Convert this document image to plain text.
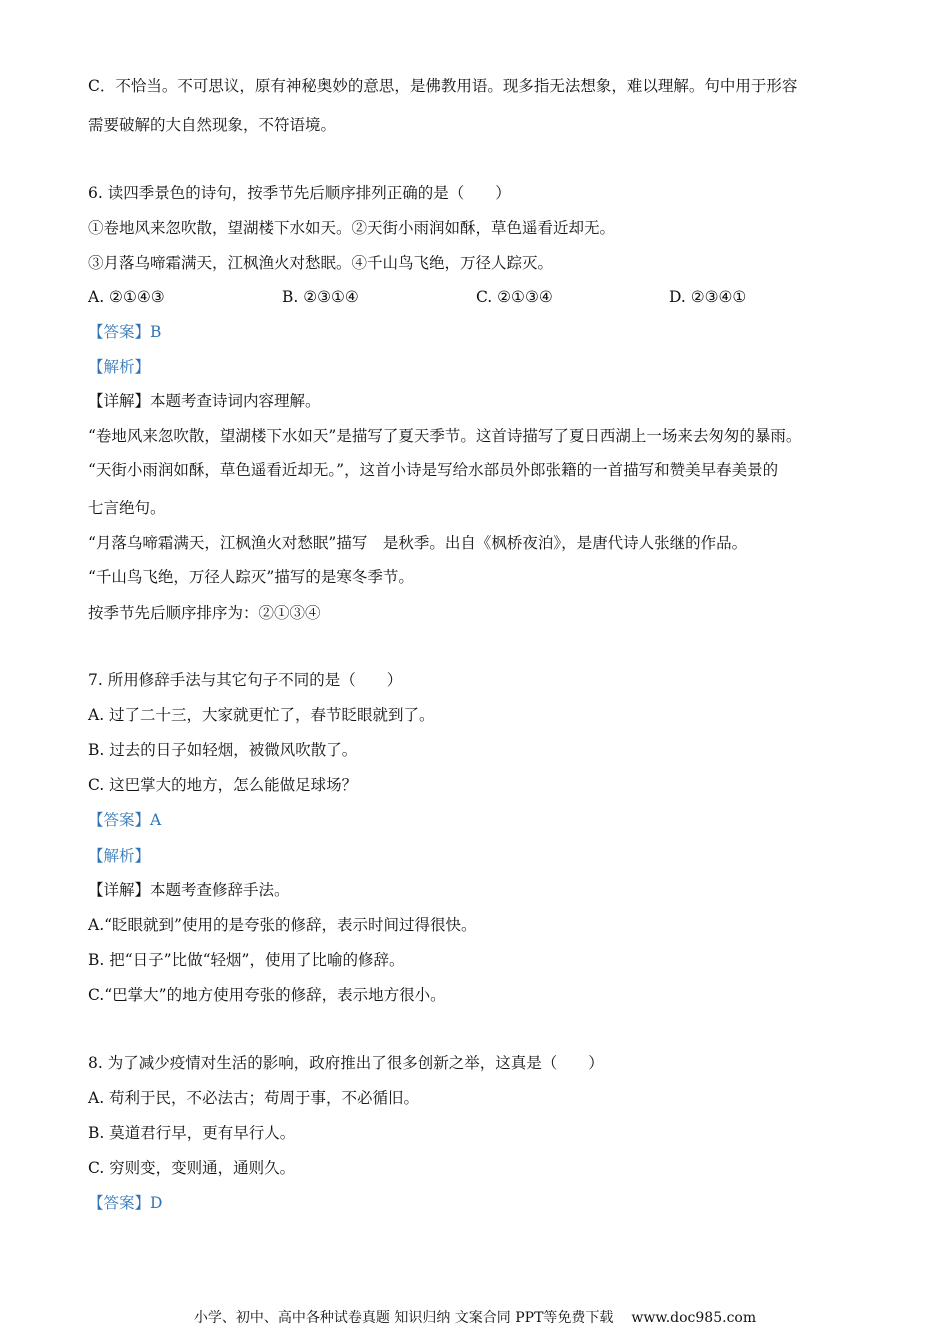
C．不恰当。不可思议，原有神秘奥妙的意思，是佛教用语。现多指无法想象，难以理解。句中用于形容
需要破解的大自然现象，不符语境。
6. 读四季景色的诗句，按季节先后顺序排列正确的是（　　）
①卷地风来忽吹散，望湖楼下水如天。②天街小雨润如酥，草色遥看近却无。
③月落乌啼霜满天，江枫渔火对愁眠。④千山鸟飞绝，万径人踪灭。
A. ②①④③	B. ②③①④	C. ②①③④	D. ②③④①
【答案】B
【解析】
【详解】本题考查诗词内容理解。
“卷地风来忽吹散，望湖楼下水如天”是描写了夏天季节。这首诗描写了夏日西湖上一场来去匆匆的暴雨。
“天街小雨润如酥，草色遥看近却无。”，这首小诗是写给水部员外郎张籍的一首描写和赞美早春美景的
七言绝句。
“月落乌啼霜满天，江枫渔火对愁眠”描写　是秋季。出自《枫桥夜泊》，是唐代诗人张继的作品。
“千山鸟飞绝，万径人踪灭”描写的是寒冬季节。
按季节先后顺序排序为：②①③④
7. 所用修辞手法与其它句子不同的是（　　）
A. 过了二十三，大家就更忙了，春节眨眼就到了。
B. 过去的日子如轻烟，被微风吹散了。
C. 这巴掌大的地方，怎么能做足球场？
【答案】A
【解析】
【详解】本题考查修辞手法。
A.“眨眼就到”使用的是夸张的修辞，表示时间过得很快。
B. 把“日子”比做“轻烟”，使用了比喻的修辞。
C.“巴掌大”的地方使用夸张的修辞，表示地方很小。
8. 为了减少疫情对生活的影响，政府推出了很多创新之举，这真是（　　）
A. 苟利于民，不必法古；苟周于事，不必循旧。
B. 莫道君行早，更有早行人。
C. 穷则变，变则通，通则久。
【答案】D
小学、初中、高中各种试卷真题 知识归纳 文案合同 PPT等免费下载 www.doc985.com
